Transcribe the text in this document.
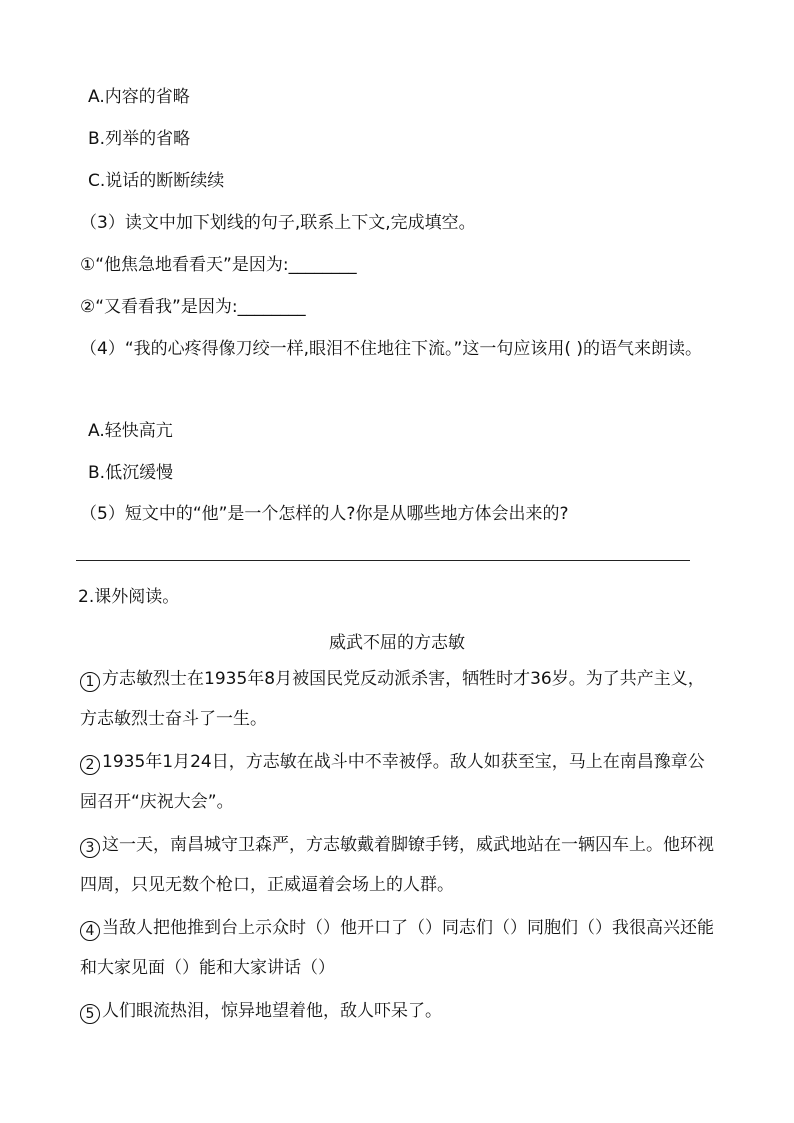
A.内容的省略
B.列举的省略
C.说话的断断续续
（3）读文中加下划线的句子,联系上下文,完成填空。
①“他焦急地看看天”是因为:________
②“又看看我”是因为:________
（4）“我的心疼得像刀绞一样,眼泪不住地往下流。”这一句应该用( )的语气来朗读。
A.轻快高亢
B.低沉缓慢
（5）短文中的“他”是一个怎样的人?你是从哪些地方体会出来的?
2.课外阅读。
威武不屈的方志敏
1 方志敏烈士在1935年8月被国民党反动派杀害，牺牲时才36岁。为了共产主义，方志敏烈士奋斗了一生。
2 1935年1月24日，方志敏在战斗中不幸被俘。敌人如获至宝，马上在南昌豫章公园召开“庆祝大会”。
3 这一天，南昌城守卫森严，方志敏戴着脚镣手铐，威武地站在一辆囚车上。他环视四周，只见无数个枪口，正威逼着会场上的人群。
4 当敌人把他推到台上示众时（）他开口了（）同志们（）同胞们（）我很高兴还能和大家见面（）能和大家讲话（）
5 人们眼流热泪，惊异地望着他，敌人吓呆了。
